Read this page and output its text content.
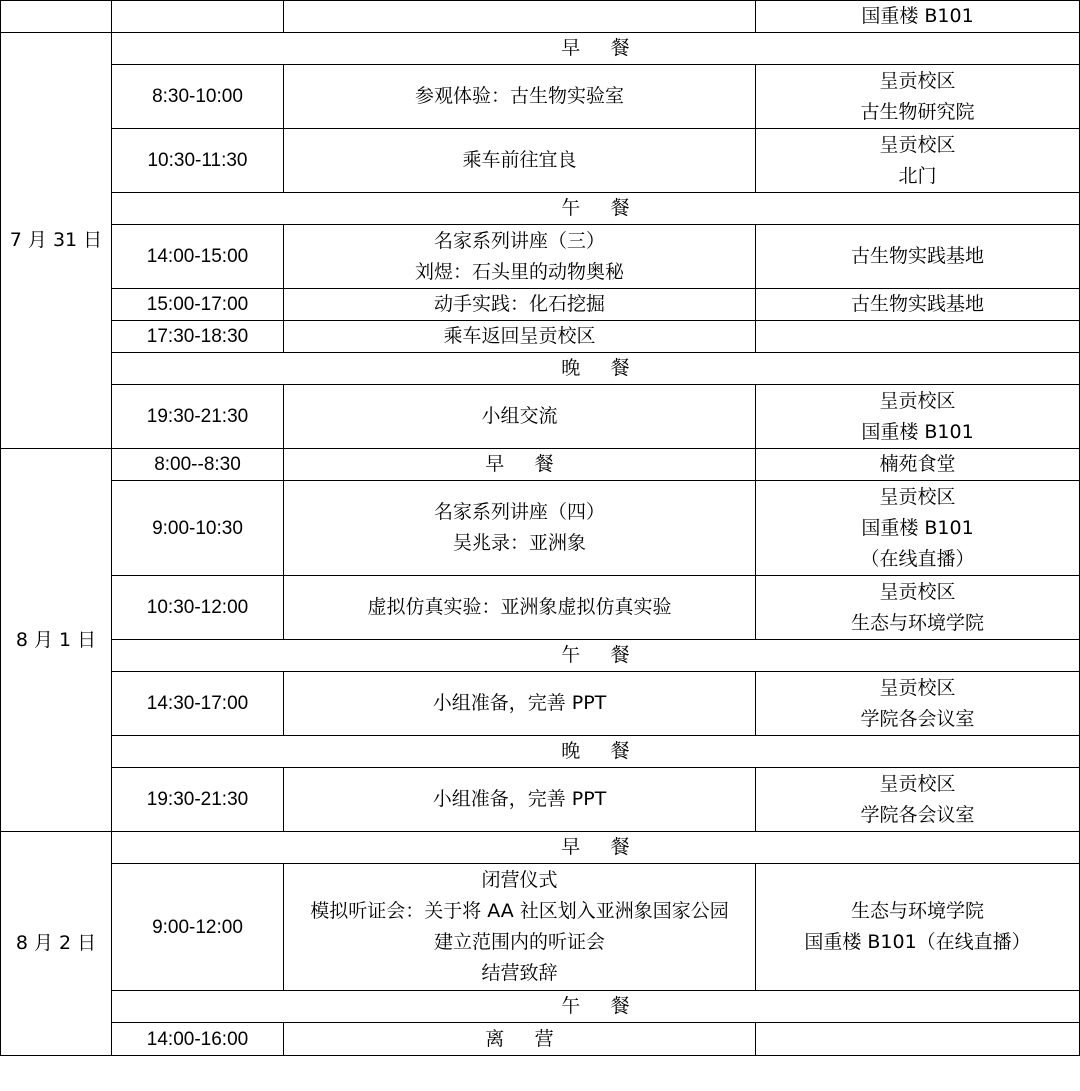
			国重楼 B101

7 月 31 日	早餐		

	8:30-10:00	参观体验：古生物实验室	呈贡校区
古生物研究院

	10:30-11:30	乘车前往宜良	呈贡校区
北门

	午餐		

	14:00-15:00	名家系列讲座（三）
刘煜：石头里的动物奥秘	古生物实践基地

	15:00-17:00	动手实践：化石挖掘	古生物实践基地

	17:30-18:30	乘车返回呈贡校区	

	晚餐		

	19:30-21:30	小组交流	呈贡校区
国重楼 B101

8 月 1 日	8:00--8:30	早餐	楠苑食堂

	9:00-10:30	名家系列讲座（四）
吴兆录：亚洲象	呈贡校区
国重楼 B101
（在线直播）

	10:30-12:00	虚拟仿真实验：亚洲象虚拟仿真实验	呈贡校区
生态与环境学院

	午餐		

	14:30-17:00	小组准备，完善 PPT	呈贡校区
学院各会议室

	晚餐		

	19:30-21:30	小组准备，完善 PPT	呈贡校区
学院各会议室

8 月 2 日	早餐		

	9:00-12:00	闭营仪式
模拟听证会：关于将 AA 社区划入亚洲象国家公园
建立范围内的听证会
结营致辞	生态与环境学院
国重楼 B101（在线直播）

	午餐		

	14:00-16:00	离营	
